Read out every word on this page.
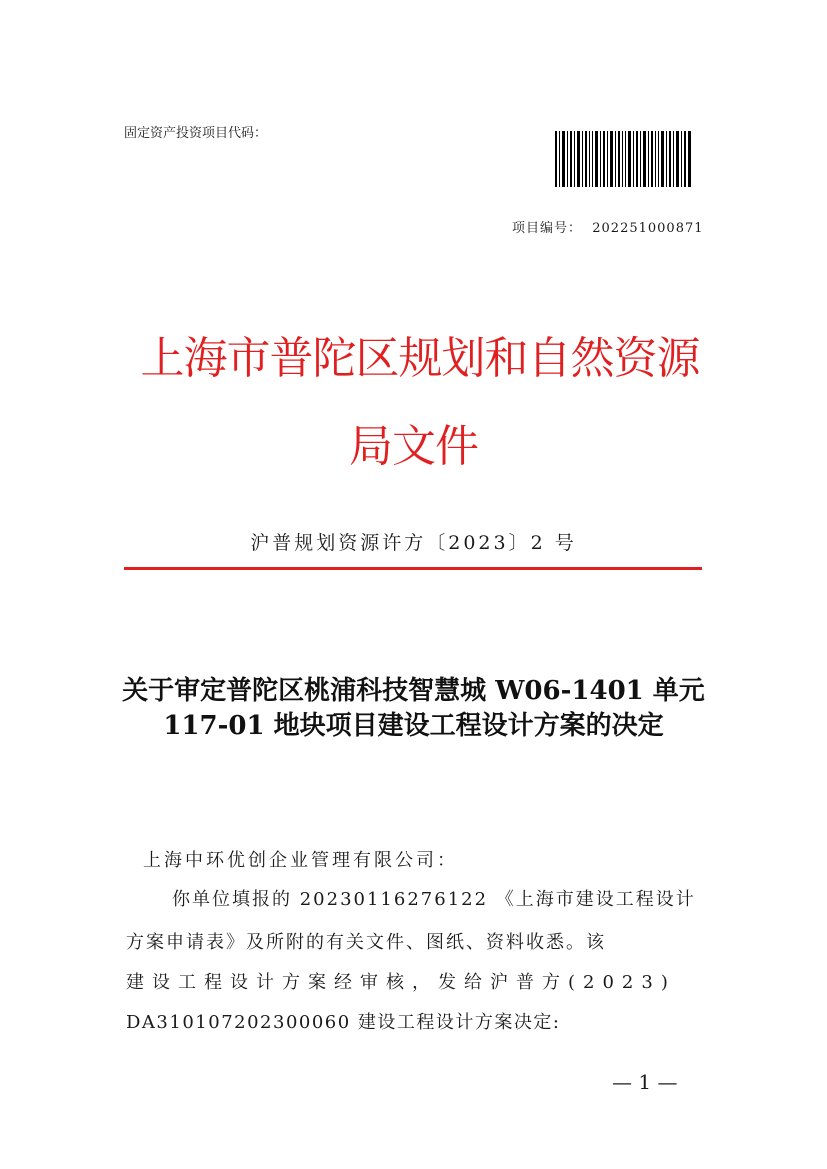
固定资产投资项目代码：
项目编号：  202251000871
上海市普陀区规划和自然资源
局文件
沪普规划资源许方〔2023〕2 号
关于审定普陀区桃浦科技智慧城 W06-1401 单元 117-01 地块项目建设工程设计方案的决定
上海中环优创企业管理有限公司：
你单位填报的 20230116276122 《上海市建设工程设计
方案申请表》及所附的有关文件、图纸、资料收悉。该
建设工程设计方案经审核，发给沪普方(2023)
DA310107202300060 建设工程设计方案决定:
— 1 —
